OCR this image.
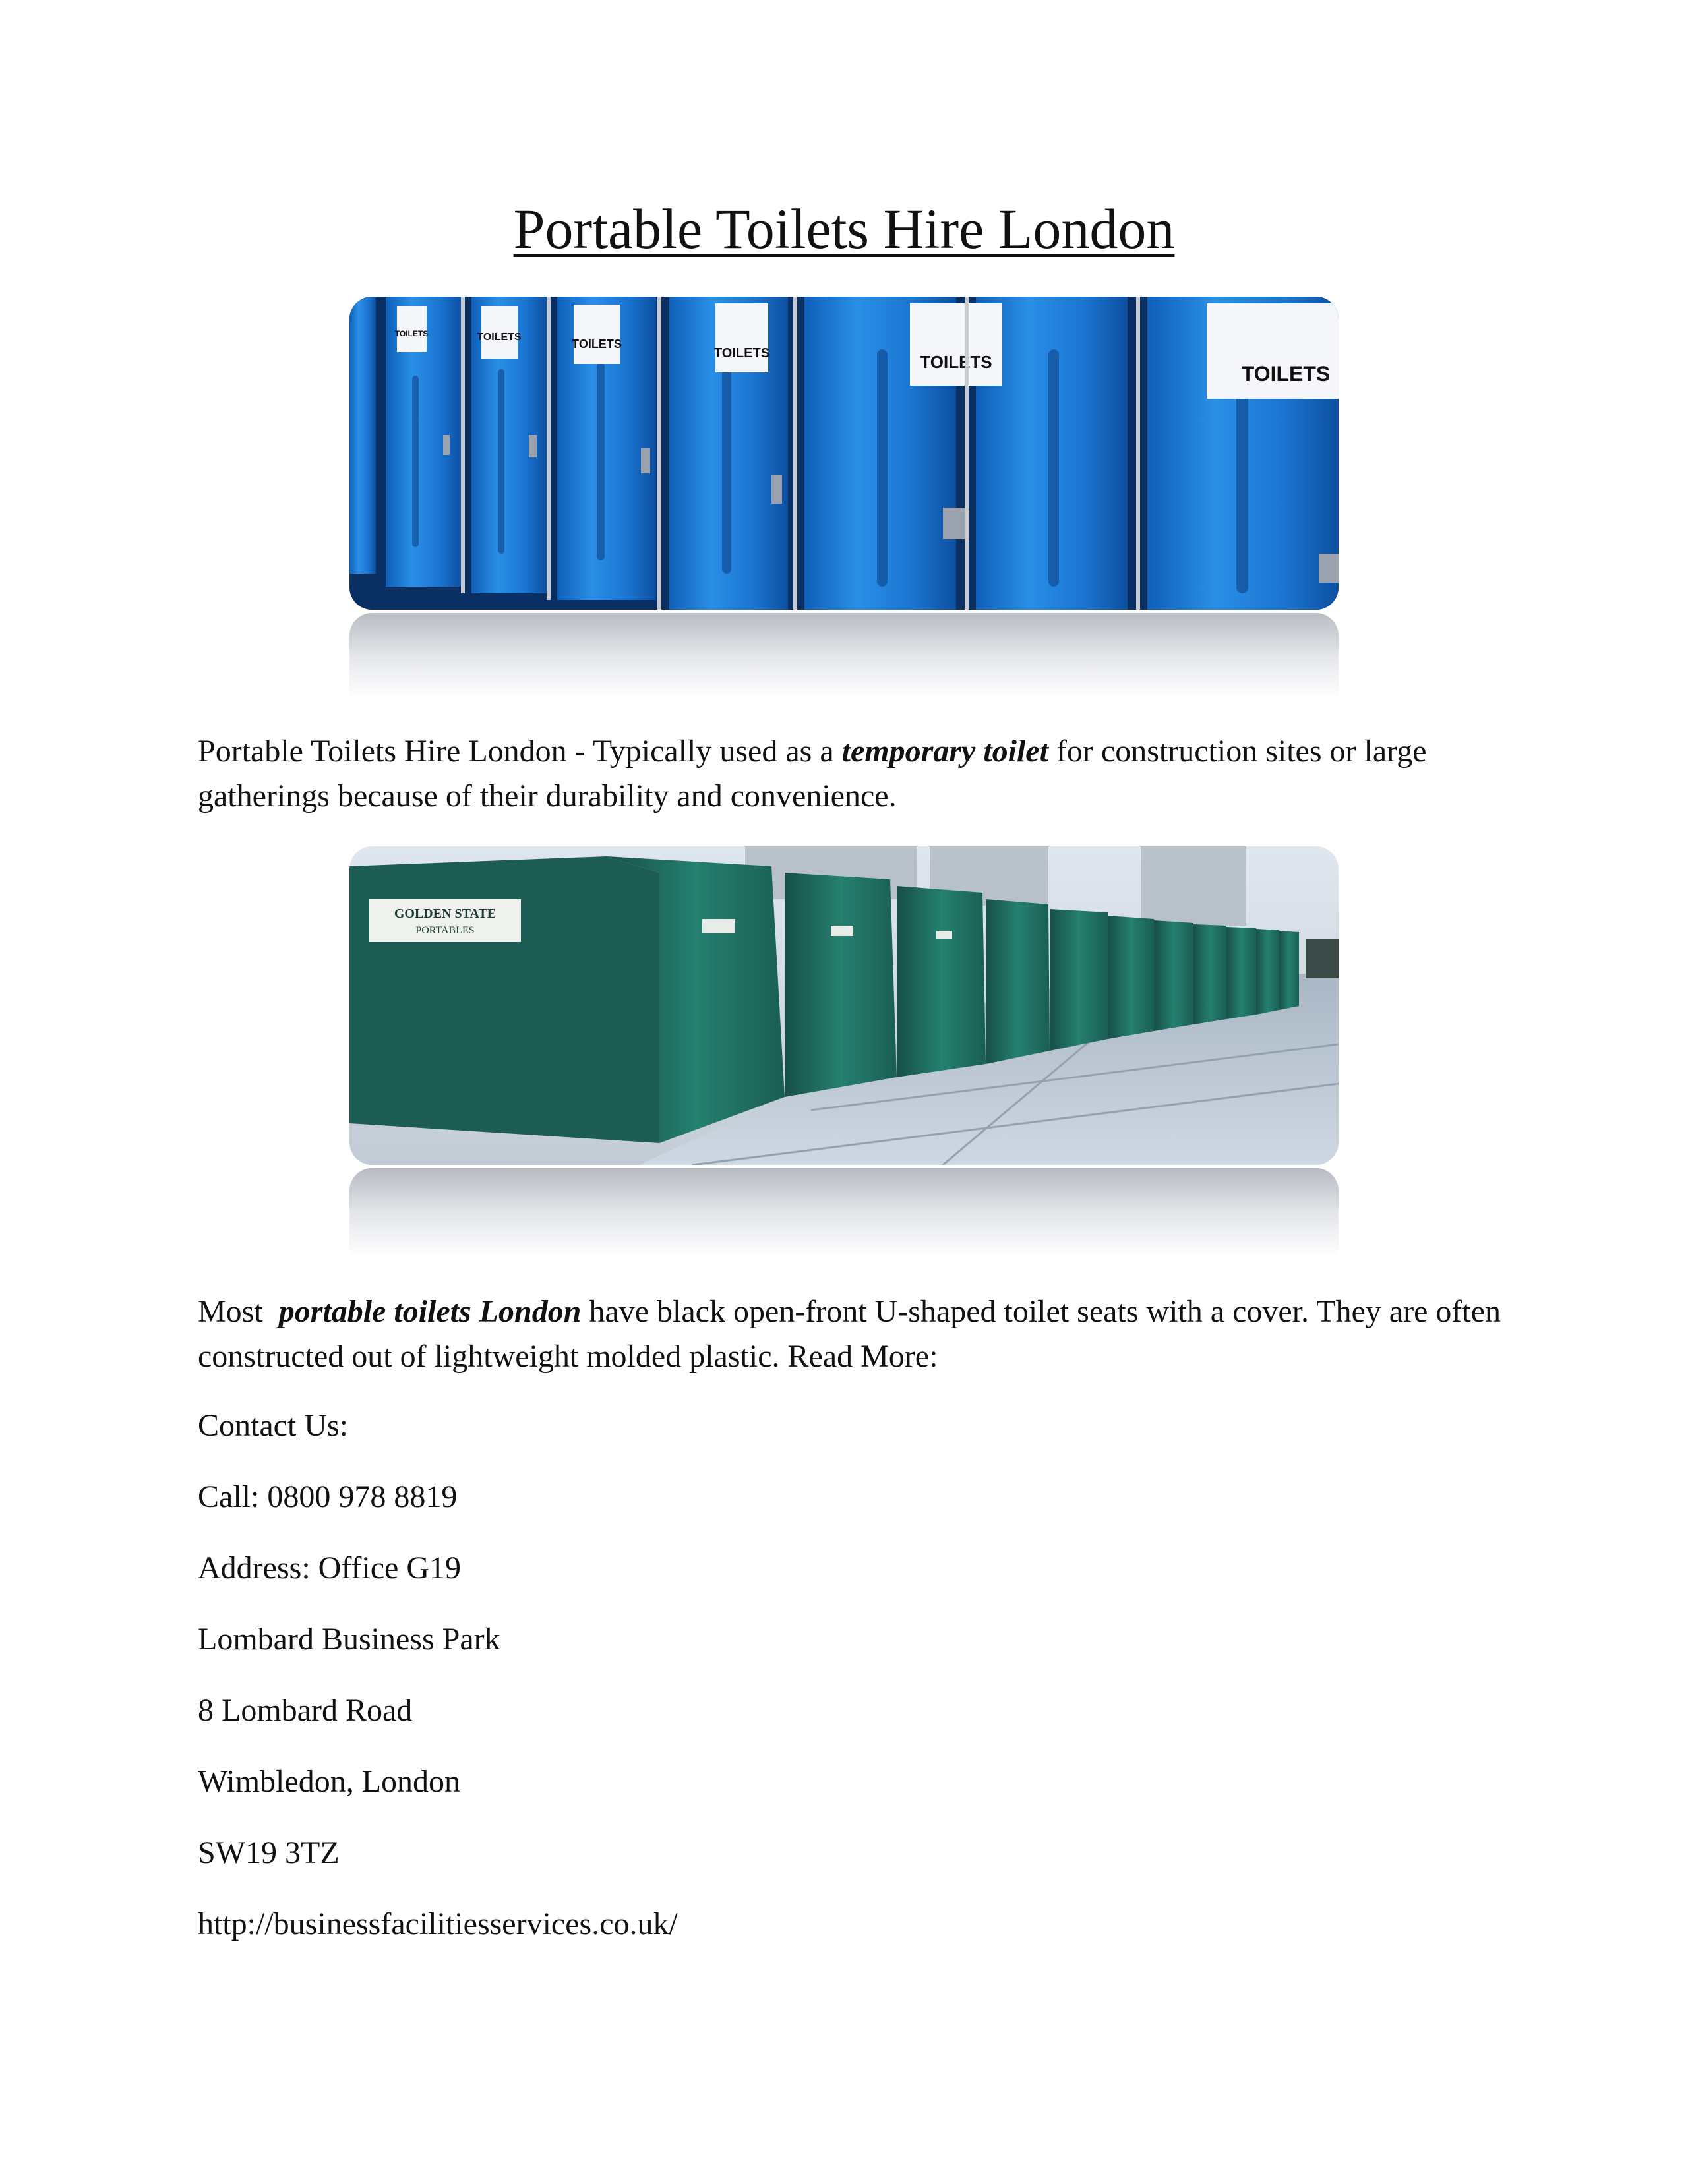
Portable Toilets Hire London
TOILETS	TOILETS
TOILETS
TOILETS	TOILETS	TOILETS
Portable Toilets Hire London - Typically used as a temporary toilet for construction sites or large gatherings because of their durability and convenience.
GOLDEN STATE
PORTABLES
Most  portable toilets London have black open-front U-shaped toilet seats with a cover. They are often constructed out of lightweight molded plastic. Read More:
Contact Us:
Call: 0800 978 8819
Address: Office G19
Lombard Business Park
8 Lombard Road
Wimbledon, London
SW19 3TZ
http://businessfacilitiesservices.co.uk/
